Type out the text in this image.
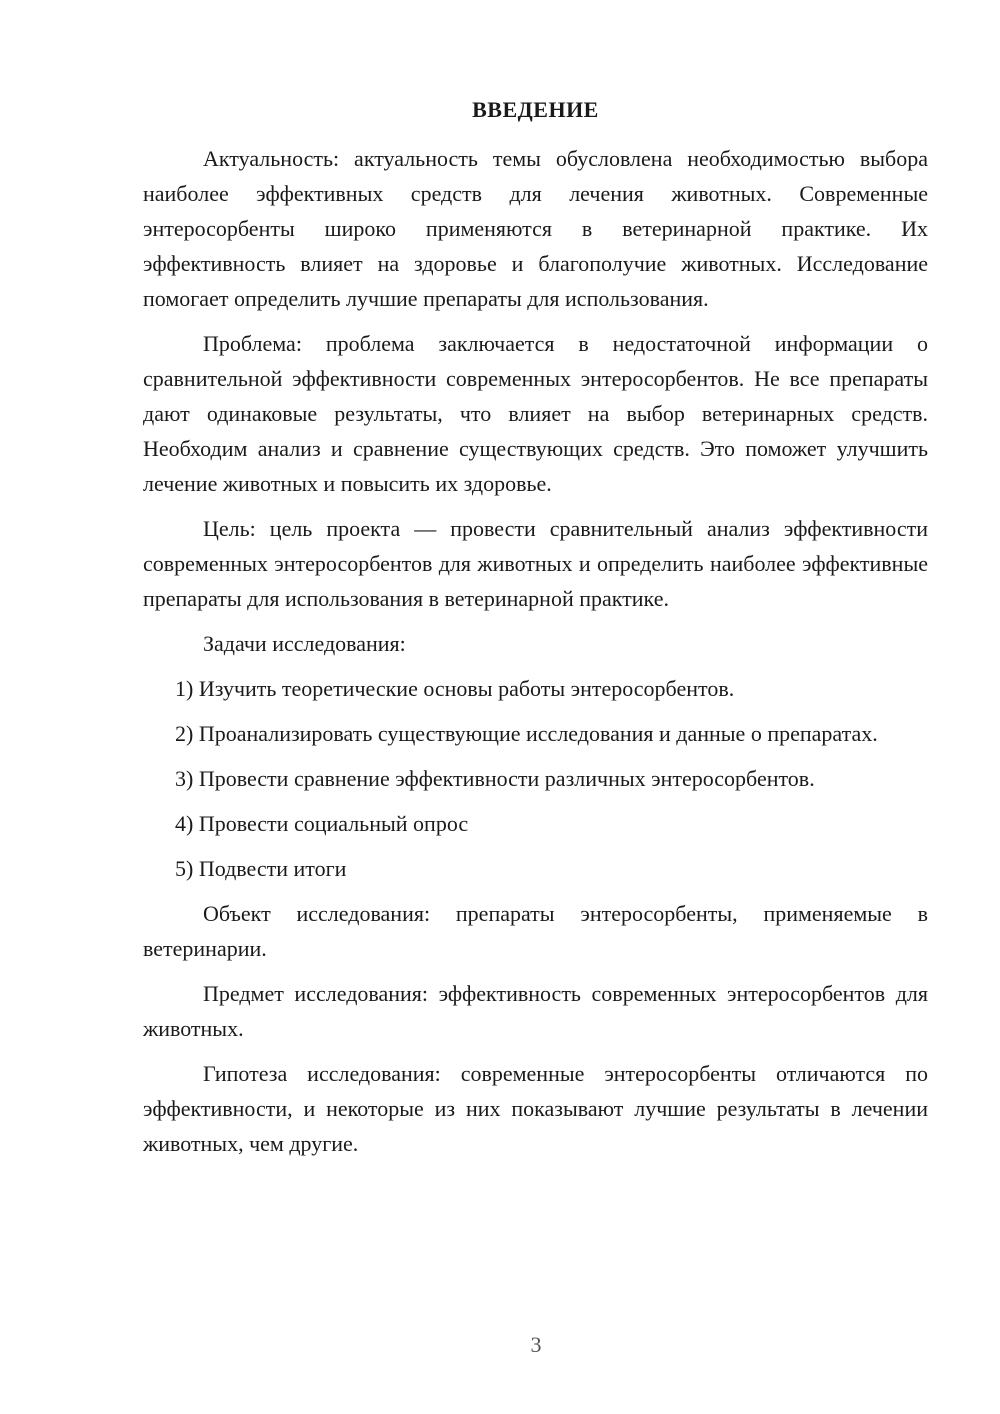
ВВЕДЕНИЕ

Актуальность: актуальность темы обусловлена необходимостью выбора наиболее эффективных средств для лечения животных. Современные энтеросорбенты широко применяются в ветеринарной практике. Их эффективность влияет на здоровье и благополучие животных. Исследование помогает определить лучшие препараты для использования.

Проблема: проблема заключается в недостаточной информации о сравнительной эффективности современных энтеросорбентов. Не все препараты дают одинаковые результаты, что влияет на выбор ветеринарных средств. Необходим анализ и сравнение существующих средств. Это поможет улучшить лечение животных и повысить их здоровье.

Цель: цель проекта — провести сравнительный анализ эффективности современных энтеросорбентов для животных и определить наиболее эффективные препараты для использования в ветеринарной практике.

Задачи исследования:

1) Изучить теоретические основы работы энтеросорбентов.

2) Проанализировать существующие исследования и данные о препаратах.

3) Провести сравнение эффективности различных энтеросорбентов.

4) Провести социальный опрос

5) Подвести итоги

Объект исследования: препараты энтеросорбенты, применяемые в ветеринарии.

Предмет исследования: эффективность современных энтеросорбентов для животных.

Гипотеза исследования: современные энтеросорбенты отличаются по эффективности, и некоторые из них показывают лучшие результаты в лечении животных, чем другие.

3
